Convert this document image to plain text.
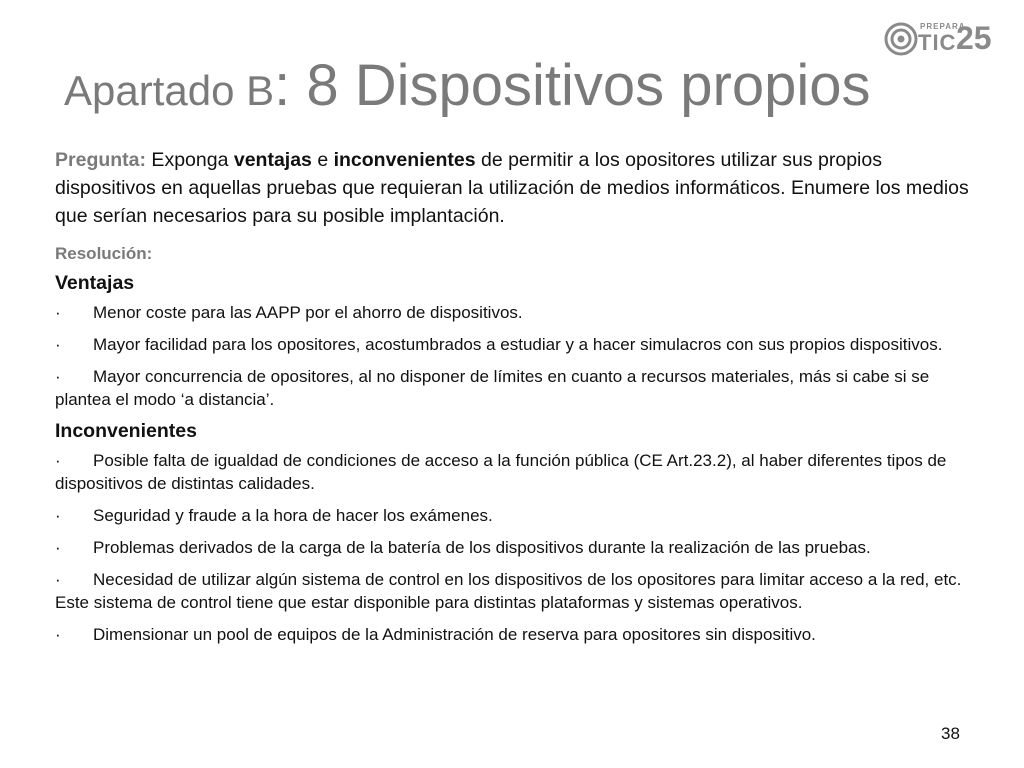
PREPARA
TIC 25
Apartado B: 8 Dispositivos propios

Pregunta: Exponga ventajas e inconvenientes de permitir a los opositores utilizar sus propios dispositivos en aquellas pruebas que requieran la utilización de medios informáticos. Enumere los medios que serían necesarios para su posible implantación.

Resolución:

Ventajas

· Menor coste para las AAPP por el ahorro de dispositivos.
· Mayor facilidad para los opositores, acostumbrados a estudiar y a hacer simulacros con sus propios dispositivos.
· Mayor concurrencia de opositores, al no disponer de límites en cuanto a recursos materiales, más si cabe si se plantea el modo ‘a distancia’.

Inconvenientes

· Posible falta de igualdad de condiciones de acceso a la función pública (CE Art.23.2), al haber diferentes tipos de dispositivos de distintas calidades.
· Seguridad y fraude a la hora de hacer los exámenes.
· Problemas derivados de la carga de la batería de los dispositivos durante la realización de las pruebas.
· Necesidad de utilizar algún sistema de control en los dispositivos de los opositores para limitar acceso a la red, etc. Este sistema de control tiene que estar disponible para distintas plataformas y sistemas operativos.
· Dimensionar un pool de equipos de la Administración de reserva para opositores sin dispositivo.
38
